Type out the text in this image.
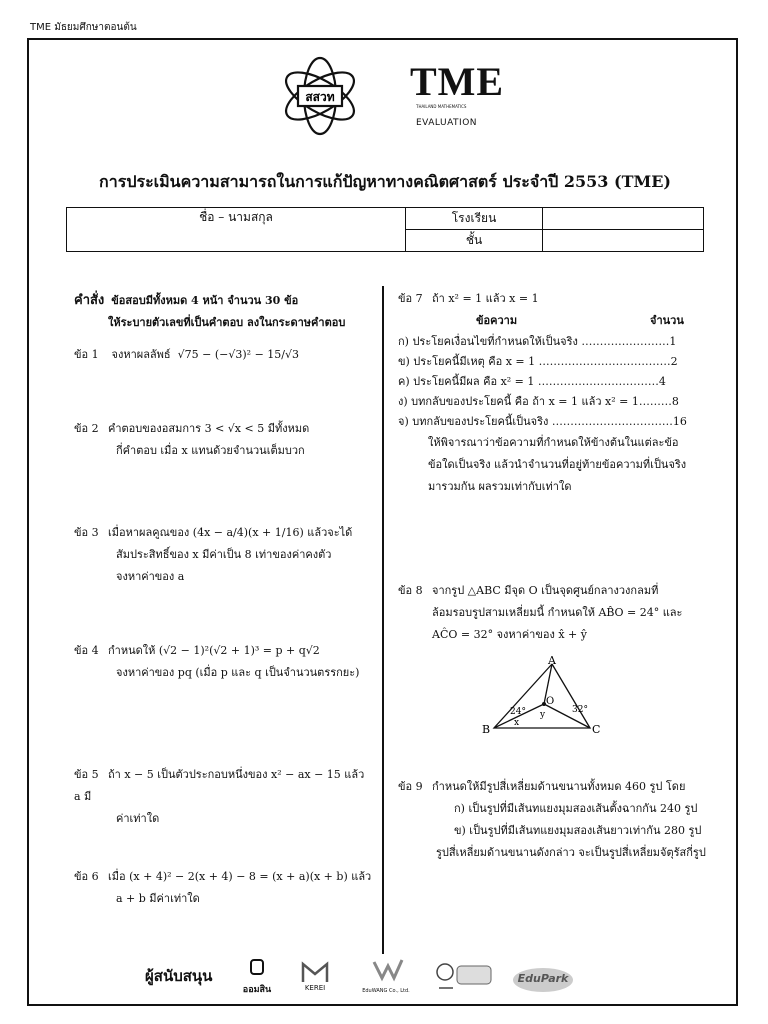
TME มัธยมศึกษาตอนต้น
สสวท TME
THAILAND MATHEMATICS
EVALUATION
การประเมินความสามารถในการแก้ปัญหาทางคณิตศาสตร์ ประจำปี 2553 (TME)
ชื่อ – นามสกุล	โรงเรียน	
	ชั้น	
คำสั่ง ข้อสอบมีทั้งหมด 4 หน้า จำนวน 30 ข้อ
ให้ระบายตัวเลขที่เป็นคำตอบ ลงในกระดาษคำตอบ
ข้อ 1 จงหาผลลัพธ์ √75 − (−√3)² − 15/√3
ข้อ 2 คำตอบของอสมการ 3 < √x < 5 มีทั้งหมด
กี่คำตอบ เมื่อ x แทนด้วยจำนวนเต็มบวก
ข้อ 3 เมื่อหาผลคูณของ (4x − a/4)(x + 1/16) แล้วจะได้
สัมประสิทธิ์ของ x มีค่าเป็น 8 เท่าของค่าคงตัว
จงหาค่าของ a
ข้อ 4 กำหนดให้ (√2 − 1)²(√2 + 1)³ = p + q√2
จงหาค่าของ pq (เมื่อ p และ q เป็นจำนวนตรรกยะ)
ข้อ 5 ถ้า x − 5 เป็นตัวประกอบหนึ่งของ x² − ax − 15 แล้ว a มี
ค่าเท่าใด
ข้อ 6 เมื่อ (x + 4)² − 2(x + 4) − 8 = (x + a)(x + b) แล้ว
a + b มีค่าเท่าใด
ข้อ 7 ถ้า x² = 1 แล้ว x = 1
ข้อความ	จำนวน
ก) ประโยคเงื่อนไขที่กำหนดให้เป็นจริง ……………………1
ข) ประโยคนี้มีเหตุ คือ x = 1 ………………………………2
ค) ประโยคนี้มีผล คือ x² = 1 ……………………………4
ง) บทกลับของประโยคนี้ คือ ถ้า x = 1 แล้ว x² = 1………8
จ) บทกลับของประโยคนี้เป็นจริง ……………………………16
ให้พิจารณาว่าข้อความที่กำหนดให้ข้างต้นในแต่ละข้อ
ข้อใดเป็นจริง แล้วนำจำนวนที่อยู่ท้ายข้อความที่เป็นจริง
มารวมกัน ผลรวมเท่ากับเท่าใด
ข้อ 8 จากรูป △ABC มีจุด O เป็นจุดศูนย์กลางวงกลมที่
ล้อมรอบรูปสามเหลี่ยมนี้ กำหนดให้ AB̂O = 24° และ
AĈO = 32° จงหาค่าของ x̂ + ŷ
A
B	C
O
x
y
24°	32°
ข้อ 9 กำหนดให้มีรูปสี่เหลี่ยมด้านขนานทั้งหมด 460 รูป โดย
ก) เป็นรูปที่มีเส้นทแยงมุมสองเส้นตั้งฉากกัน 240 รูป
ข) เป็นรูปที่มีเส้นทแยงมุมสองเส้นยาวเท่ากัน 280 รูป
รูปสี่เหลี่ยมด้านขนานดังกล่าว จะเป็นรูปสี่เหลี่ยมจัตุรัสกี่รูป
ผู้สนับสนุน
ออมสิน	KEREI	EduWANG Co., Ltd.
EduPark
